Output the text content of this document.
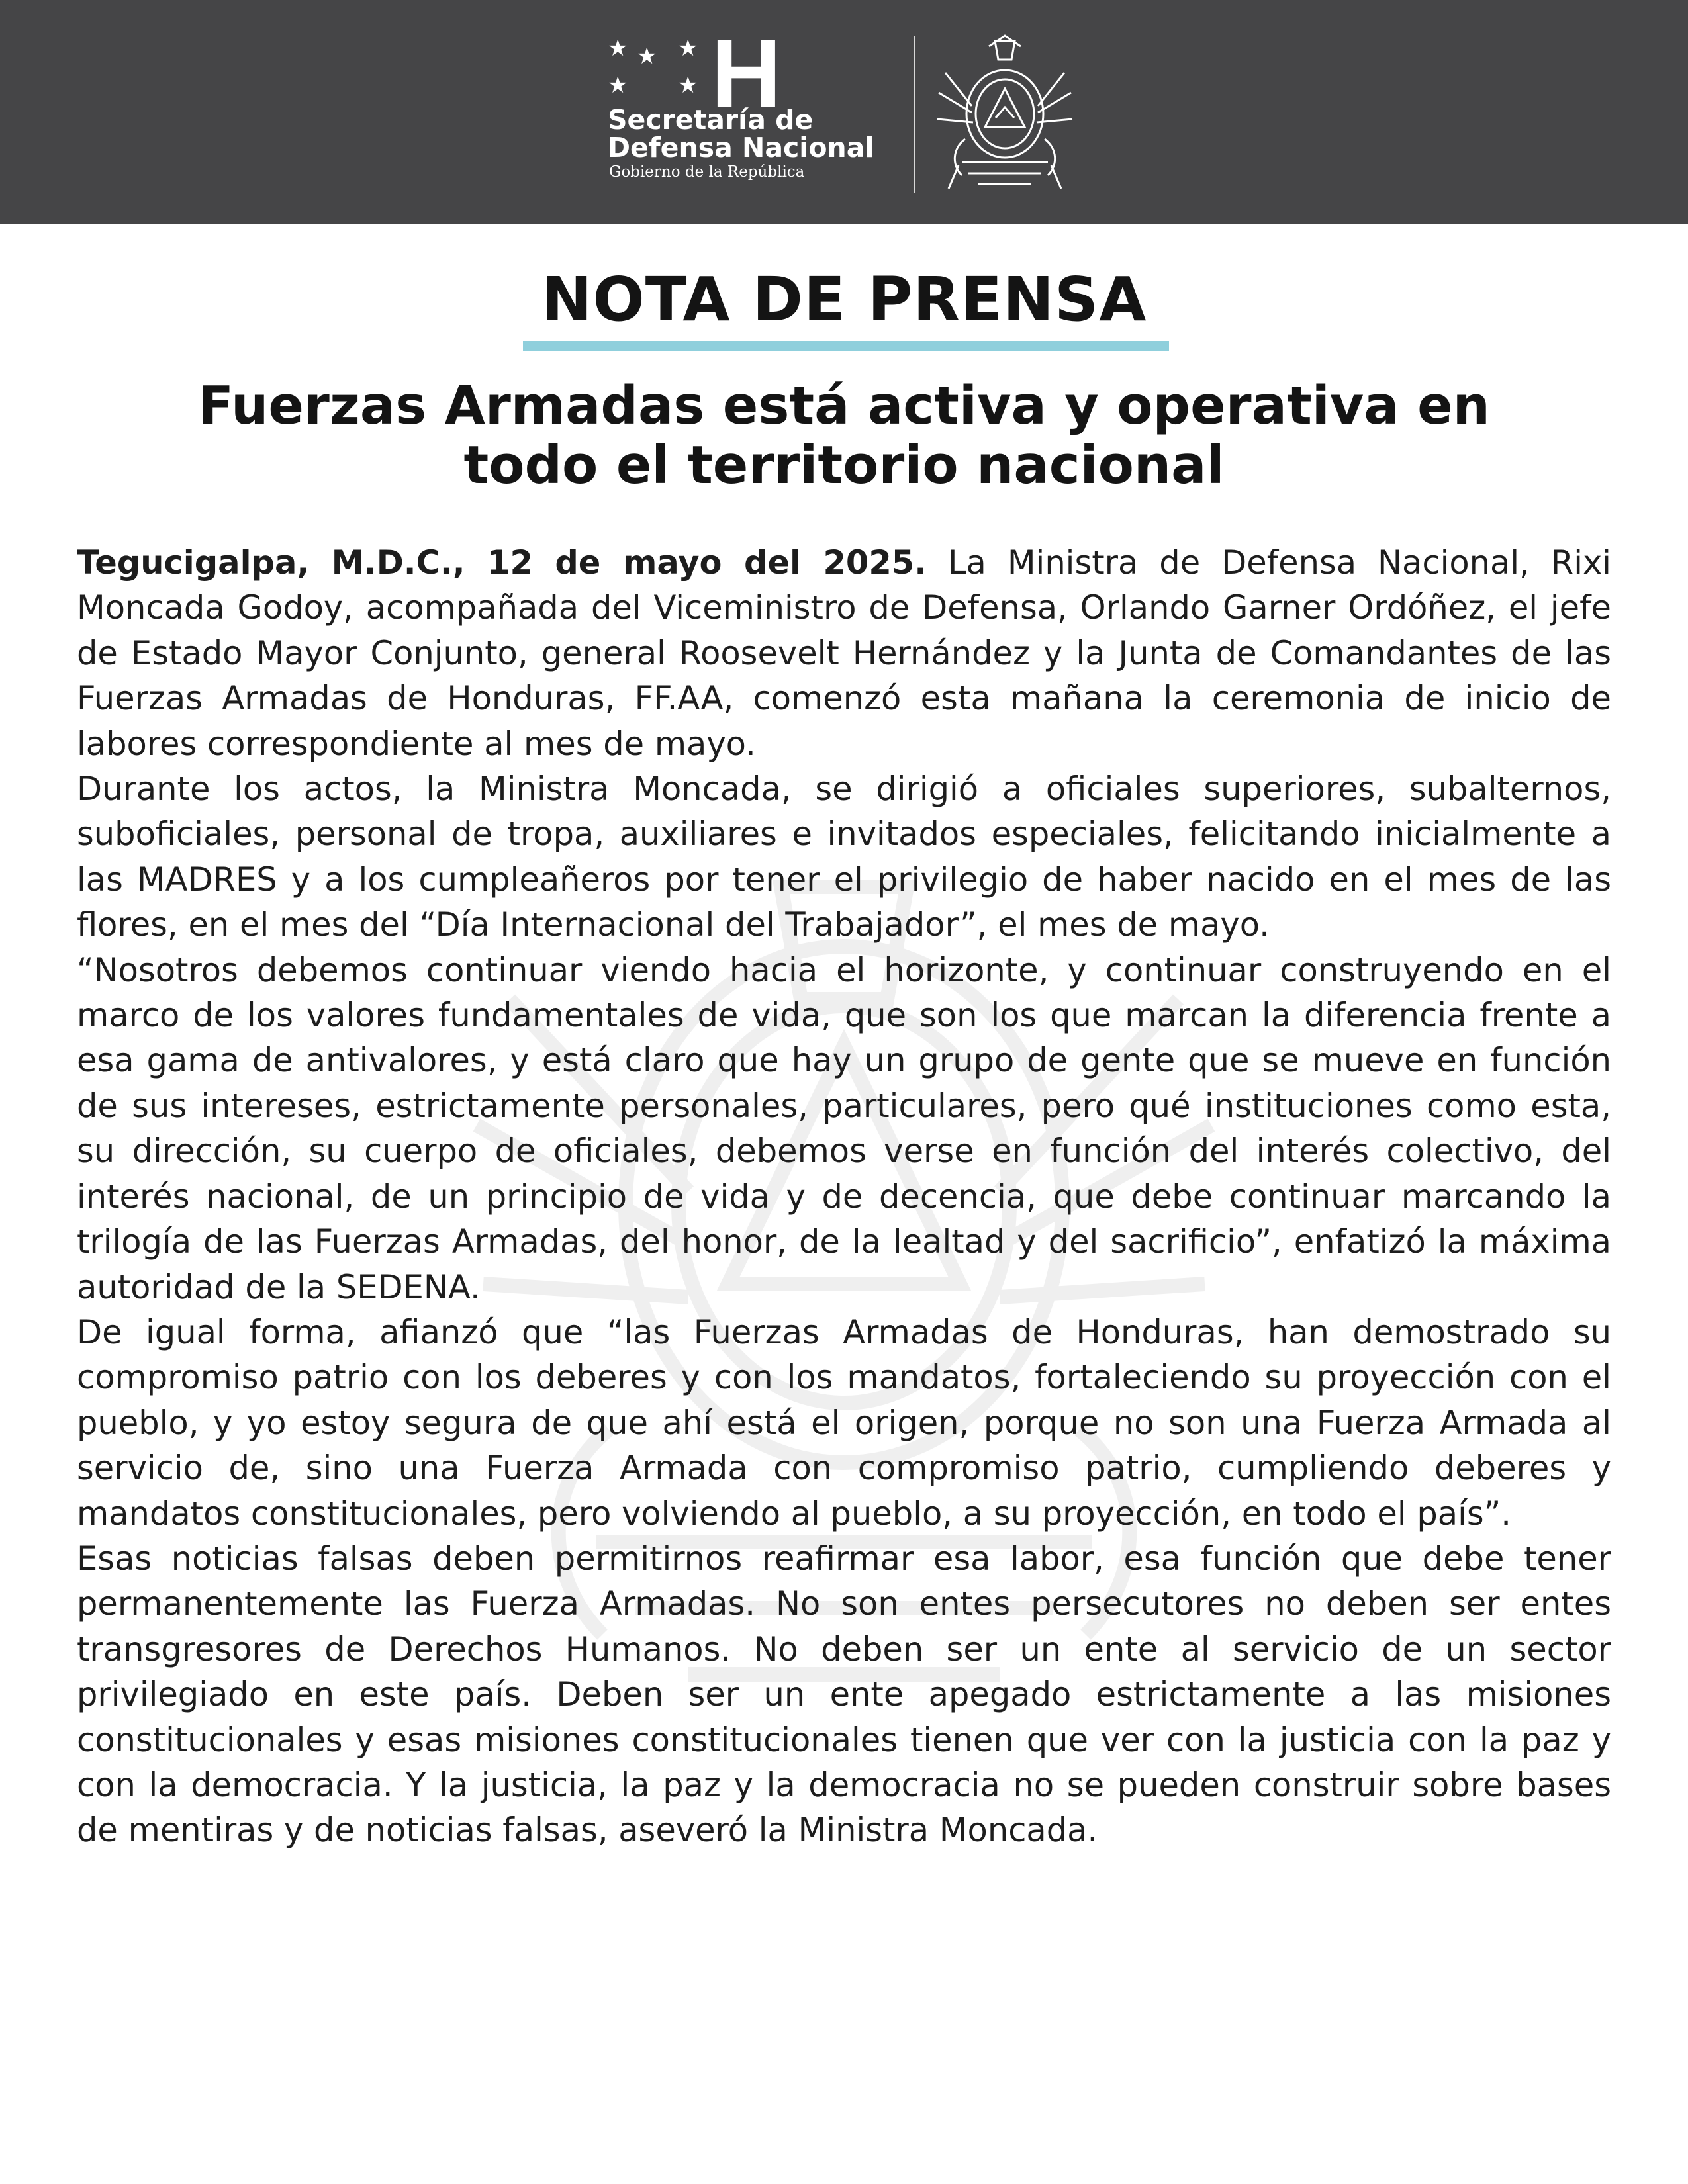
★ ★ ★
★ ★ H
Secretaría de
Defensa Nacional
Gobierno de la República
NOTA DE PRENSA
Fuerzas Armadas está activa y operativa en
todo el territorio nacional

Tegucigalpa, M.D.C., 12 de mayo del 2025. La Ministra de Defensa Nacional, Rixi Moncada Godoy, acompañada del Viceministro de Defensa, Orlando Garner Ordóñez, el jefe de Estado Mayor Conjunto, general Roosevelt Hernández y la Junta de Comandantes de las Fuerzas Armadas de Honduras, FF.AA, comenzó esta mañana la ceremonia de inicio de labores correspondiente al mes de mayo.

Durante los actos, la Ministra Moncada, se dirigió a oficiales superiores, subalternos, suboficiales, personal de tropa, auxiliares e invitados especiales, felicitando inicialmente a las MADRES y a los cumpleañeros por tener el privilegio de haber nacido en el mes de las flores, en el mes del “Día Internacional del Trabajador”, el mes de mayo.

“Nosotros debemos continuar viendo hacia el horizonte, y continuar construyendo en el marco de los valores fundamentales de vida, que son los que marcan la diferencia frente a esa gama de antivalores, y está claro que hay un grupo de gente que se mueve en función de sus intereses, estrictamente personales, particulares, pero qué instituciones como esta, su dirección, su cuerpo de oficiales, debemos verse en función del interés colectivo, del interés nacional, de un principio de vida y de decencia, que debe continuar marcando la trilogía de las Fuerzas Armadas, del honor, de la lealtad y del sacrificio”, enfatizó la máxima autoridad de la SEDENA.

De igual forma, afianzó que “las Fuerzas Armadas de Honduras, han demostrado su compromiso patrio con los deberes y con los mandatos, fortaleciendo su proyección con el pueblo, y yo estoy segura de que ahí está el origen, porque no son una Fuerza Armada al servicio de, sino una Fuerza Armada con compromiso patrio, cumpliendo deberes y mandatos constitucionales, pero volviendo al pueblo, a su proyección, en todo el país”.

Esas noticias falsas deben permitirnos reafirmar esa labor, esa función que debe tener permanentemente las Fuerza Armadas. No son entes persecutores no deben ser entes transgresores de Derechos Humanos. No deben ser un ente al servicio de un sector privilegiado en este país. Deben ser un ente apegado estrictamente a las misiones constitucionales y esas misiones constitucionales tienen que ver con la justicia con la paz y con la democracia. Y la justicia, la paz y la democracia no se pueden construir sobre bases de mentiras y de noticias falsas, aseveró la Ministra Moncada.
